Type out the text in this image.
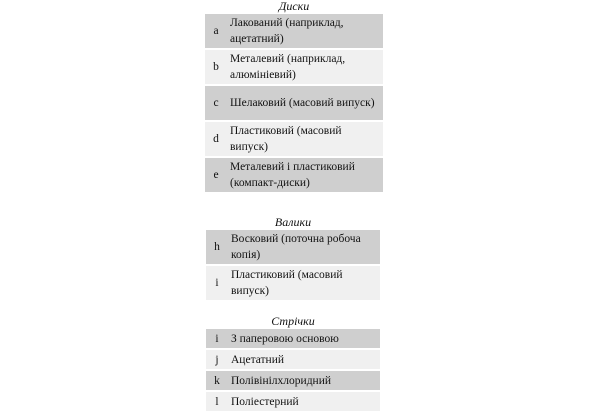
Диски
a	Лакований (наприклад, ацетатний)
b	Металевий (наприклад, алюмініевий)
c	Шелаковий (масовий випуск)
d	Пластиковий (масовий випуск)
e	Металевий і пластиковий (компакт-диски)
Валики
h	Восковий (поточна робоча копія)
i	Пластиковий (масовий випуск)
Стрічки
i	З паперовою основою
j	Ацетатний
k	Полівінілхлоридний
l	Поліестерний
